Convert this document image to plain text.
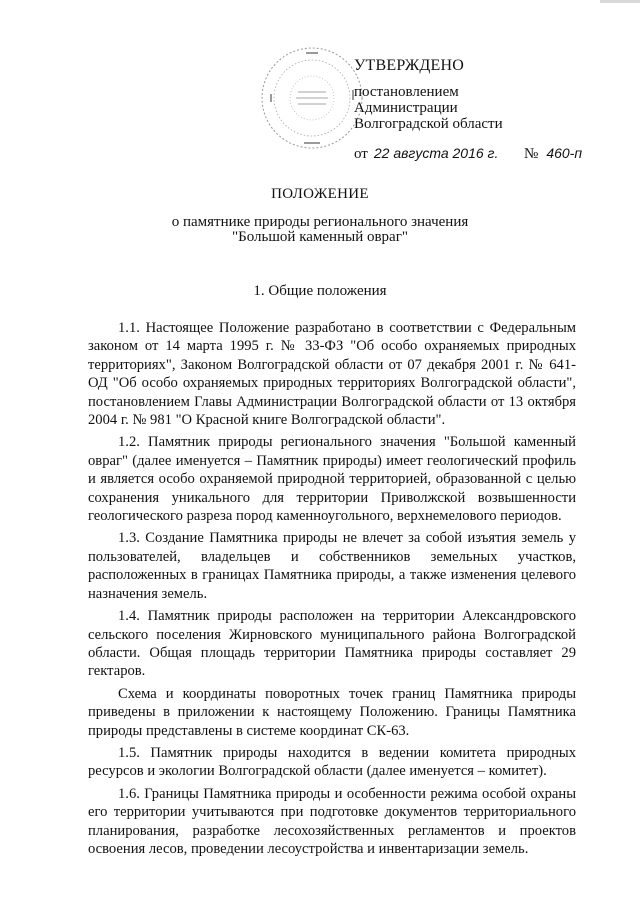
УТВЕРЖДЕНО
постановлением
Администрации
Волгоградской области
от 22 августа 2016 г. № 460-п
ПОЛОЖЕНИЕ
о памятнике природы регионального значения
"Большой каменный овраг"
1. Общие положения

1.1. Настоящее Положение разработано в соответствии с Федеральным законом от 14 марта 1995 г. № 33-ФЗ "Об особо охраняемых природных территориях", Законом Волгоградской области от 07 декабря 2001 г. № 641-ОД "Об особо охраняемых природных территориях Волгоградской области", постановлением Главы Администрации Волгоградской области от 13 октября 2004 г. № 981 "О Красной книге Волгоградской области".

1.2. Памятник природы регионального значения "Большой каменный овраг" (далее именуется – Памятник природы) имеет геологический профиль и является особо охраняемой природной территорией, образованной с целью сохранения уникального для территории Приволжской возвышенности геологического разреза пород каменноугольного, верхнемелового периодов.

1.3. Создание Памятника природы не влечет за собой изъятия земель у пользователей, владельцев и собственников земельных участков, расположенных в границах Памятника природы, а также изменения целевого назначения земель.

1.4. Памятник природы расположен на территории Александровского сельского поселения Жирновского муниципального района Волгоградской области. Общая площадь территории Памятника природы составляет 29 гектаров.

Схема и координаты поворотных точек границ Памятника природы приведены в приложении к настоящему Положению. Границы Памятника природы представлены в системе координат СК-63.

1.5. Памятник природы находится в ведении комитета природных ресурсов и экологии Волгоградской области (далее именуется – комитет).

1.6. Границы Памятника природы и особенности режима особой охраны его территории учитываются при подготовке документов территориального планирования, разработке лесохозяйственных регламентов и проектов освоения лесов, проведении лесоустройства и инвентаризации земель.
